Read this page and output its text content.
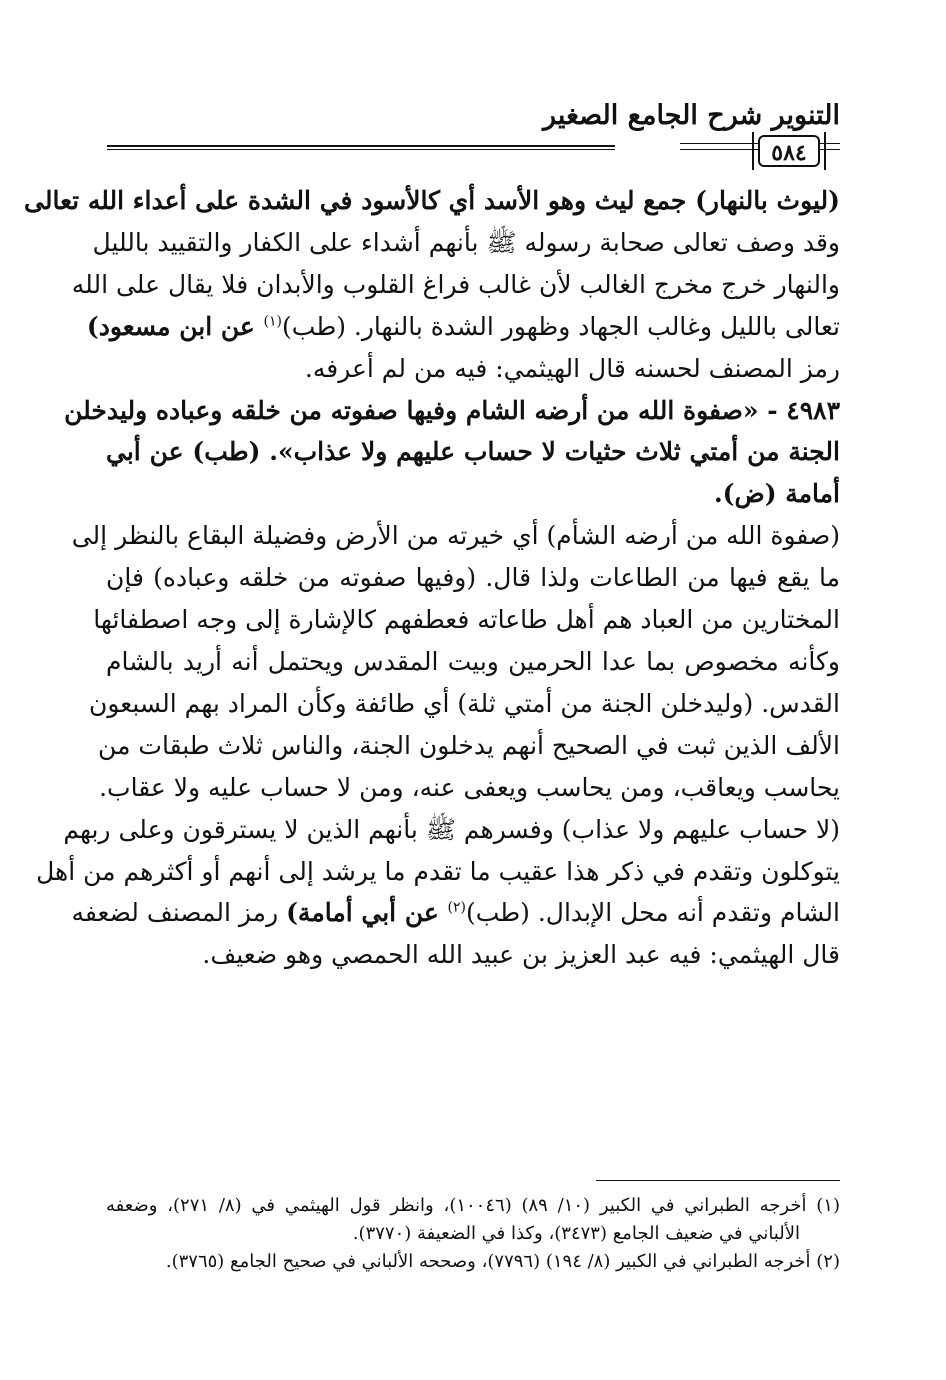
التنوير شرح الجامع الصغير
٥٨٤

(ليوث بالنهار) جمع ليث وهو الأسد أي كالأسود في الشدة على أعداء الله تعالى
وقد وصف تعالى صحابة رسوله ﷺ بأنهم أشداء على الكفار والتقييد بالليل
والنهار خرج مخرج الغالب لأن غالب فراغ القلوب والأبدان فلا يقال على الله
تعالى بالليل وغالب الجهاد وظهور الشدة بالنهار. (طب)$^{(١)}$ عن ابن مسعود)
رمز المصنف لحسنه قال الهيثمي: فيه من لم أعرفه.

٤٩٨٣ - «صفوة الله من أرضه الشام وفيها صفوته من خلقه وعباده وليدخلن
الجنة من أمتي ثلاث حثيات لا حساب عليهم ولا عذاب». (طب) عن أبي
أمامة (ض).

(صفوة الله من أرضه الشأم) أي خيرته من الأرض وفضيلة البقاع بالنظر إلى
ما يقع فيها من الطاعات ولذا قال. (وفيها صفوته من خلقه وعباده) فإن
المختارين من العباد هم أهل طاعاته فعطفهم كالإشارة إلى وجه اصطفائها
وكأنه مخصوص بما عدا الحرمين وبيت المقدس ويحتمل أنه أريد بالشام
القدس. (وليدخلن الجنة من أمتي ثلة) أي طائفة وكأن المراد بهم السبعون
الألف الذين ثبت في الصحيح أنهم يدخلون الجنة، والناس ثلاث طبقات من
يحاسب ويعاقب، ومن يحاسب ويعفى عنه، ومن لا حساب عليه ولا عقاب.
(لا حساب عليهم ولا عذاب) وفسرهم ﷺ بأنهم الذين لا يسترقون وعلى ربهم
يتوكلون وتقدم في ذكر هذا عقيب ما تقدم ما يرشد إلى أنهم أو أكثرهم من أهل
الشام وتقدم أنه محل الإبدال. (طب)$^{(٢)}$ عن أبي أمامة) رمز المصنف لضعفه
قال الهيثمي: فيه عبد العزيز بن عبيد الله الحمصي وهو ضعيف.

(١) أخرجه الطبراني في الكبير (١٠/ ٨٩) (١٠٠٤٦)، وانظر قول الهيثمي في (٨/ ٢٧١)، وضعفه
الألباني في ضعيف الجامع (٣٤٧٣)، وكذا في الضعيفة (٣٧٧٠).
(٢) أخرجه الطبراني في الكبير (٨/ ١٩٤) (٧٧٩٦)، وصححه الألباني في صحيح الجامع (٣٧٦٥).
